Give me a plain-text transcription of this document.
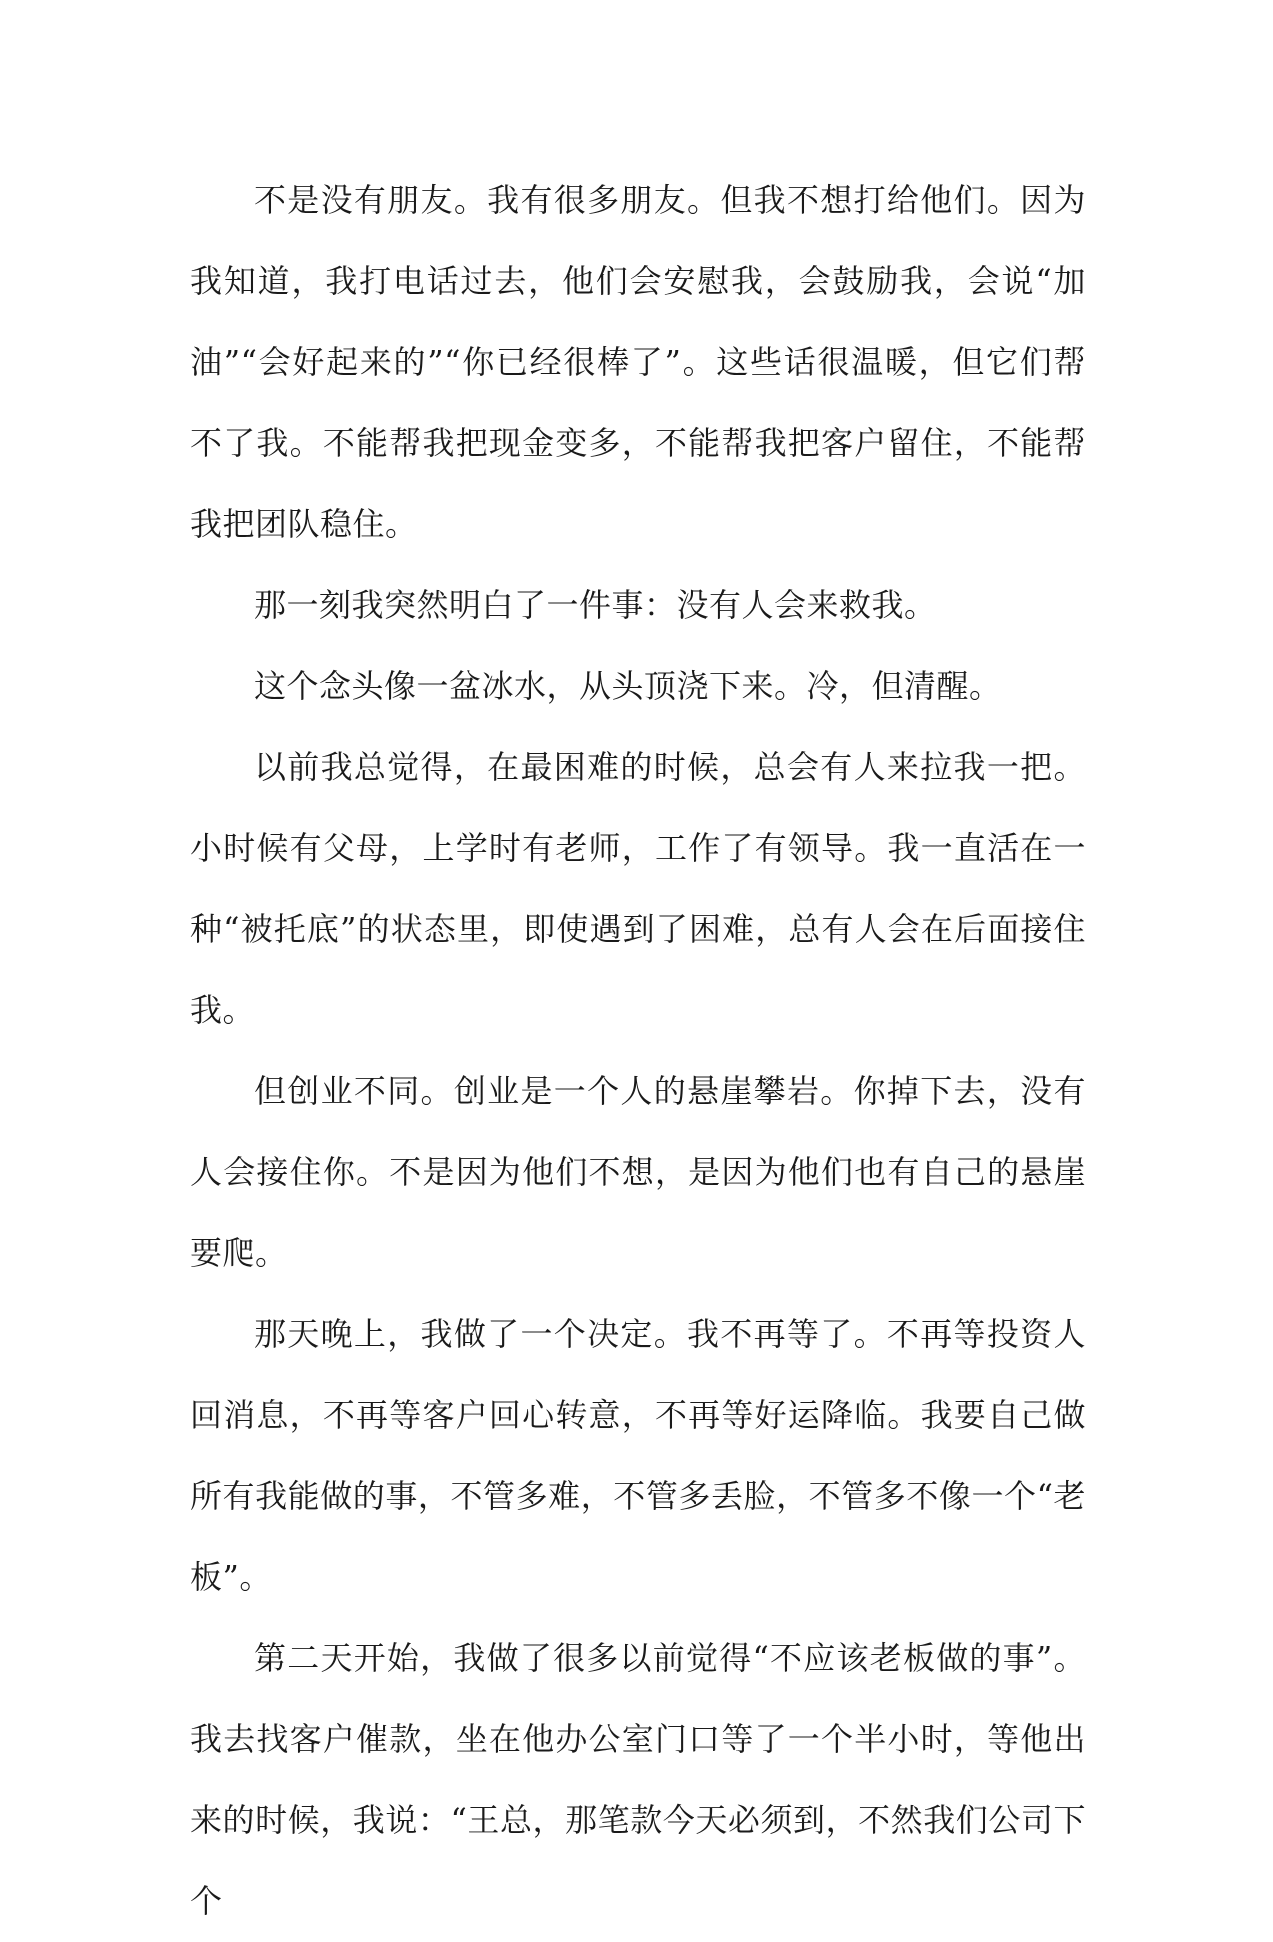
不是没有朋友。我有很多朋友。但我不想打给他们。因为我知道，我打电话过去，他们会安慰我，会鼓励我，会说“加油”“会好起来的”“你已经很棒了”。这些话很温暖，但它们帮不了我。不能帮我把现金变多，不能帮我把客户留住，不能帮我把团队稳住。

那一刻我突然明白了一件事：没有人会来救我。

这个念头像一盆冰水，从头顶浇下来。冷，但清醒。

以前我总觉得，在最困难的时候，总会有人来拉我一把。小时候有父母，上学时有老师，工作了有领导。我一直活在一种“被托底”的状态里，即使遇到了困难，总有人会在后面接住我。

但创业不同。创业是一个人的悬崖攀岩。你掉下去，没有人会接住你。不是因为他们不想，是因为他们也有自己的悬崖要爬。

那天晚上，我做了一个决定。我不再等了。不再等投资人回消息，不再等客户回心转意，不再等好运降临。我要自己做所有我能做的事，不管多难，不管多丢脸，不管多不像一个“老板”。

第二天开始，我做了很多以前觉得“不应该老板做的事”。我去找客户催款，坐在他办公室门口等了一个半小时，等他出来的时候，我说：“王总，那笔款今天必须到，不然我们公司下个
